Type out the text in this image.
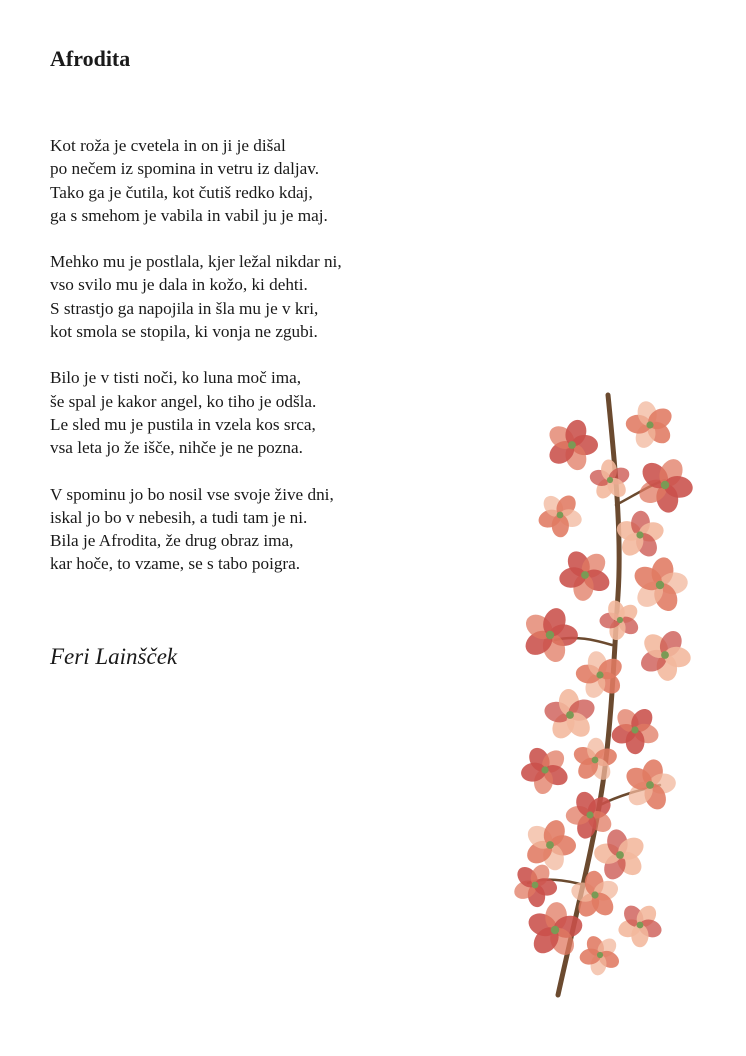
Afrodita

Kot roža je cvetela in on ji je dišal
po nečem iz spomina in vetru iz daljav.
Tako ga je čutila, kot čutiš redko kdaj,
ga s smehom je vabila in vabil ju je maj.

Mehko mu je postlala, kjer ležal nikdar ni,
vso svilo mu je dala in kožo, ki dehti.
S strastjo ga napojila in šla mu je v kri,
kot smola se stopila, ki vonja ne zgubi.

Bilo je v tisti noči, ko luna moč ima,
še spal je kakor angel, ko tiho je odšla.
Le sled mu je pustila in vzela kos srca,
vsa leta jo že išče, nihče je ne pozna.

V spominu jo bo nosil vse svoje žive dni,
iskal jo bo v nebesih, a tudi tam je ni.
Bila je Afrodita, že drug obraz ima,
kar hoče, to vzame, se s tabo poigra.

Feri Lainšček
